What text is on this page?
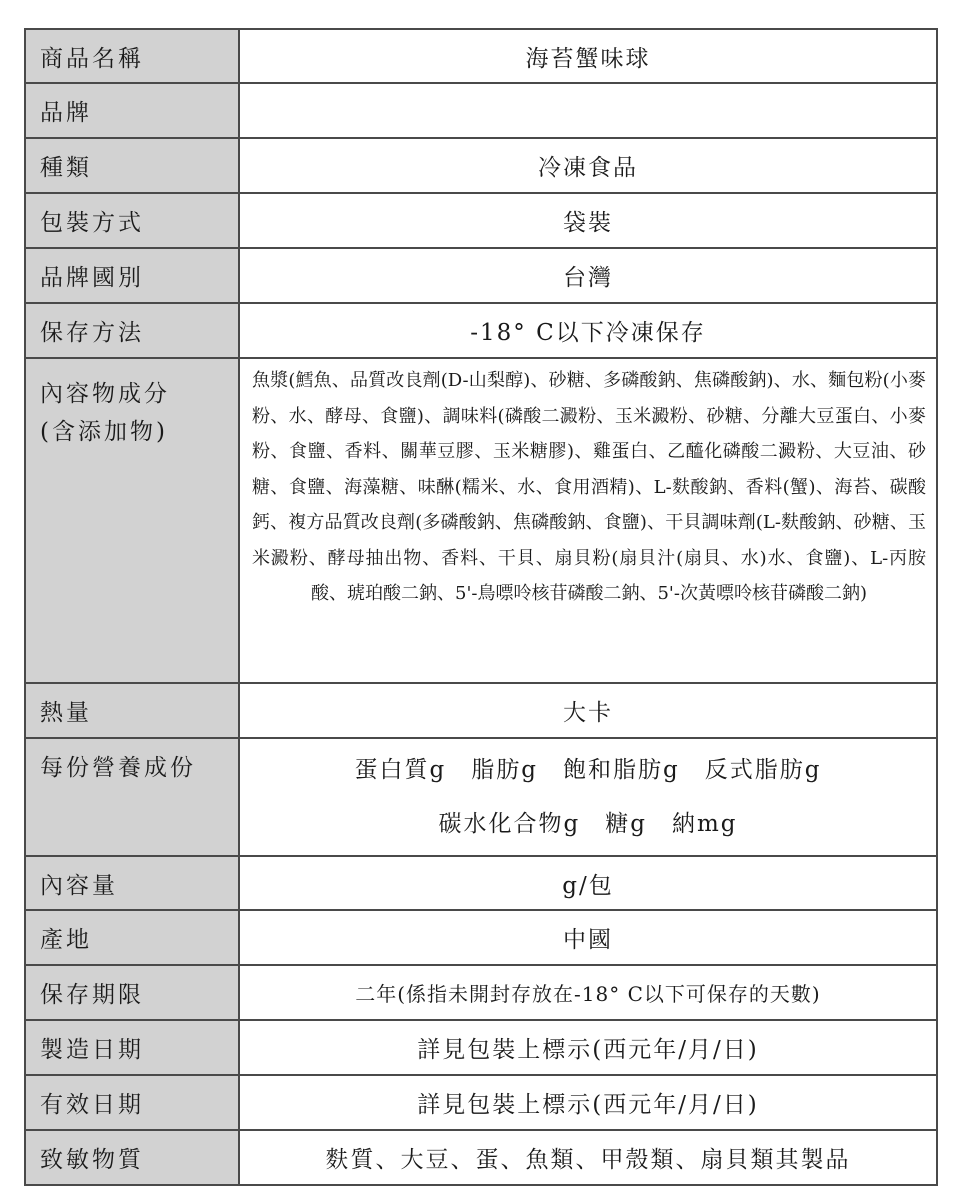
商品名稱	海苔蟹味球
品牌	
種類	冷凍食品
包裝方式	袋裝
品牌國別	台灣
保存方法	-18° C以下冷凍保存

內容物成分
(含添加物)	魚漿(鱈魚、品質改良劑(D-山梨醇)、砂糖、多磷酸鈉、焦磷酸鈉)、水、麵包粉(小麥粉、水、酵母、食鹽)、調味料(磷酸二澱粉、玉米澱粉、砂糖、分離大豆蛋白、小麥粉、食鹽、香料、關華豆膠、玉米糖膠)、雞蛋白、乙醯化磷酸二澱粉、大豆油、砂糖、食鹽、海藻糖、味醂(糯米、水、食用酒精)、L-麩酸鈉、香料(蟹)、海苔、碳酸鈣、複方品質改良劑(多磷酸鈉、焦磷酸鈉、食鹽)、干貝調味劑(L-麩酸鈉、砂糖、玉米澱粉、酵母抽出物、香料、干貝、扇貝粉(扇貝汁(扇貝、水)水、食鹽)、L-丙胺酸、琥珀酸二鈉、5'-鳥嘌呤核苷磷酸二鈉、5'-次黃嘌呤核苷磷酸二鈉)
熱量	大卡
每份營養成份	蛋白質g　脂肪g　飽和脂肪g　反式脂肪g
碳水化合物g　糖g　納mg

內容量	g/包
產地	中國
保存期限	二年(係指未開封存放在-18° C以下可保存的天數)
製造日期	詳見包裝上標示(西元年/月/日)
有效日期	詳見包裝上標示(西元年/月/日)
致敏物質	麩質、大豆、蛋、魚類、甲殼類、扇貝類其製品
